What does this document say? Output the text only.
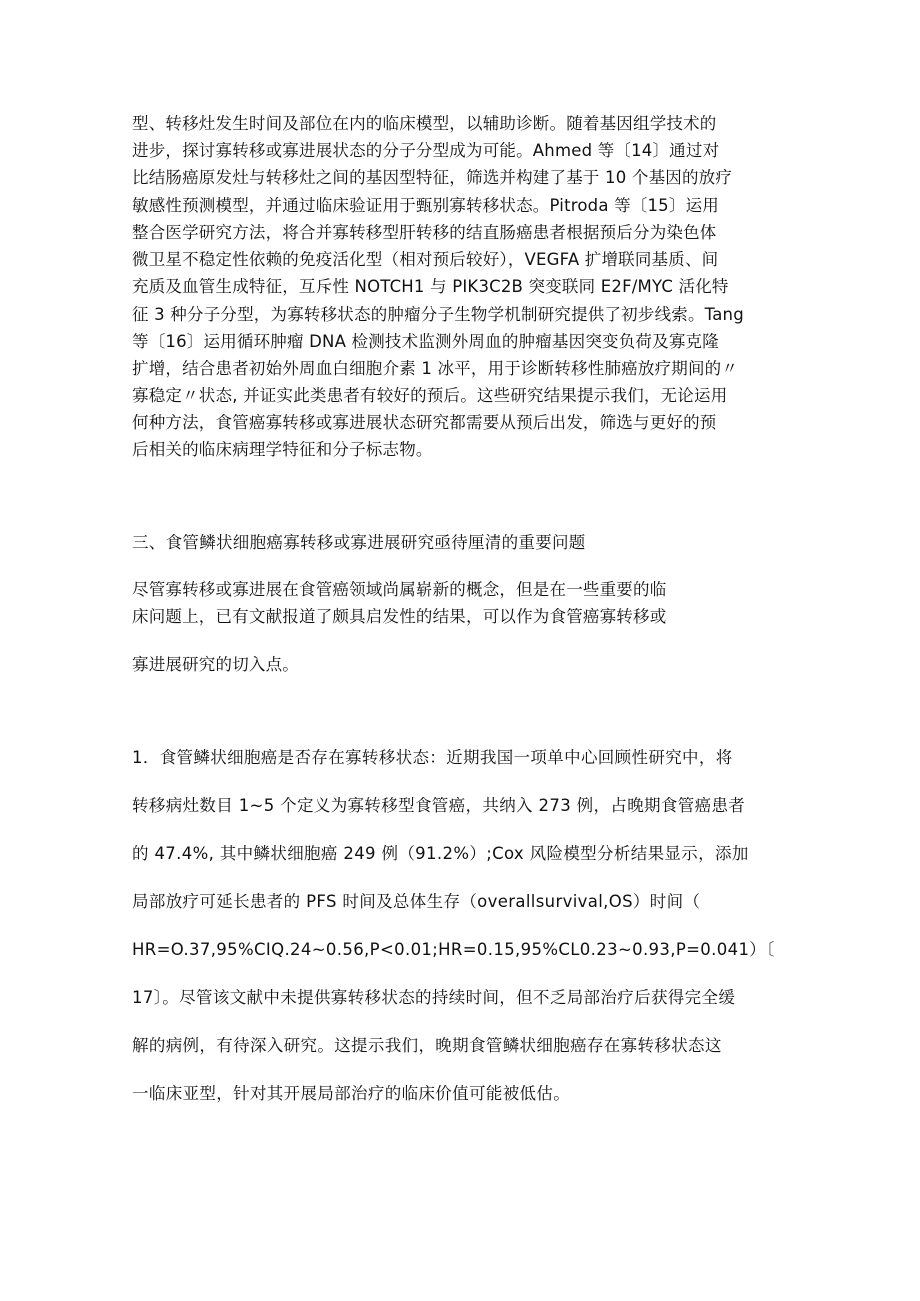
型、转移灶发生时间及部位在内的临床模型，以辅助诊断。随着基因组学技术的
进步，探讨寡转移或寡进展状态的分子分型成为可能。Ahmed 等〔14〕通过对
比结肠癌原发灶与转移灶之间的基因型特征，筛选并构建了基于 10 个基因的放疗
敏感性预测模型，并通过临床验证用于甄别寡转移状态。Pitroda 等〔15〕运用
整合医学研究方法，将合并寡转移型肝转移的结直肠癌患者根据预后分为染色体
微卫星不稳定性依赖的免疫活化型（相对预后较好），VEGFA 扩增联同基质、间
充质及血管生成特征，互斥性 NOTCH1 与 PIK3C2B 突变联同 E2F/MYC 活化特
征 3 种分子分型，为寡转移状态的肿瘤分子生物学机制研究提供了初步线索。Tang
等〔16〕运用循环肿瘤 DNA 检测技术监测外周血的肿瘤基因突变负荷及寡克隆
扩增，结合患者初始外周血白细胞介素 1 冰平，用于诊断转移性肺癌放疗期间的〃
寡稳定〃状态, 并证实此类患者有较好的预后。这些研究结果提示我们，无论运用
何种方法，食管癌寡转移或寡进展状态研究都需要从预后出发，筛选与更好的预
后相关的临床病理学特征和分子标志物。
三、食管鳞状细胞癌寡转移或寡进展研究亟待厘清的重要问题
尽管寡转移或寡进展在食管癌领域尚属崭新的概念，但是在一些重要的临
床问题上，已有文献报道了颇具启发性的结果，可以作为食管癌寡转移或
寡进展研究的切入点。
1．食管鳞状细胞癌是否存在寡转移状态：近期我国一项单中心回顾性研究中，将
转移病灶数目 1~5 个定义为寡转移型食管癌，共纳入 273 例，占晚期食管癌患者
的 47.4%, 其中鳞状细胞癌 249 例（91.2%）;Cox 风险模型分析结果显示，添加
局部放疗可延长患者的 PFS 时间及总体生存（overallsurvival,OS）时间（
HR=O.37,95%CIQ.24~0.56,P<0.01;HR=0.15,95%CL0.23~0.93,P=0.041）〔
17〕。尽管该文献中未提供寡转移状态的持续时间，但不乏局部治疗后获得完全缓
解的病例，有待深入研究。这提示我们，晚期食管鳞状细胞癌存在寡转移状态这
一临床亚型，针对其开展局部治疗的临床价值可能被低估。
